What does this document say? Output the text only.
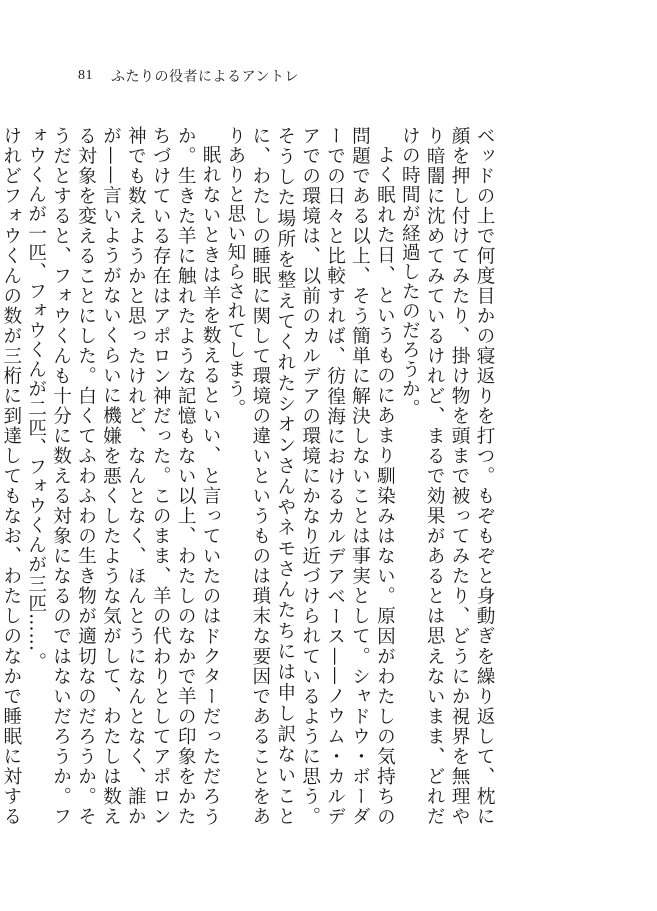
81 ふたりの役者によるアントレ

ベッドの上で何度目かの寝返りを打つ。もぞもぞと身動ぎを繰り返して、枕に顔を押し付けてみたり、掛け物を頭まで被ってみたり、どうにか視界を無理やり暗闇に沈めてみているけれど、まるで効果があるとは思えないまま、どれだけの時間が経過したのだろうか。

よく眠れた日、というものにあまり馴染みはない。原因がわたしの気持ちの問題である以上、そう簡単に解決しないことは事実として。シャドウ・ボーダーでの日々と比較すれば、彷徨海におけるカルデアベース——ノウム・カルデアでの環境は、以前のカルデアの環境にかなり近づけられているように思う。そうした場所を整えてくれたシオンさんやネモさんたちには申し訳ないことに、わたしの睡眠に関して環境の違いというものは瑣末な要因であることをありありと思い知らされてしまう。

眠れないときは羊を数えるといい、と言っていたのはドクターだっただろうか。生きた羊に触れたような記憶もない以上、わたしのなかで羊の印象をかたちづけている存在はアポロン神だった。このまま、羊の代わりとしてアポロン神でも数えようかと思ったけれど、なんとなく、ほんとうになんとなく、誰かが——言いようがないくらいに機嫌を悪くしたような気がして、わたしは数える対象を変えることにした。白くてふわふわの生き物が適切なのだろうか。そうだとすると、フォウくんも十分に数える対象になるのではないだろうか。フォウくんが一匹、フォウくんが二匹、フォウくんが三匹……。

けれどフォウくんの数が三桁に到達してもなお、わたしのなかで睡眠に対する
